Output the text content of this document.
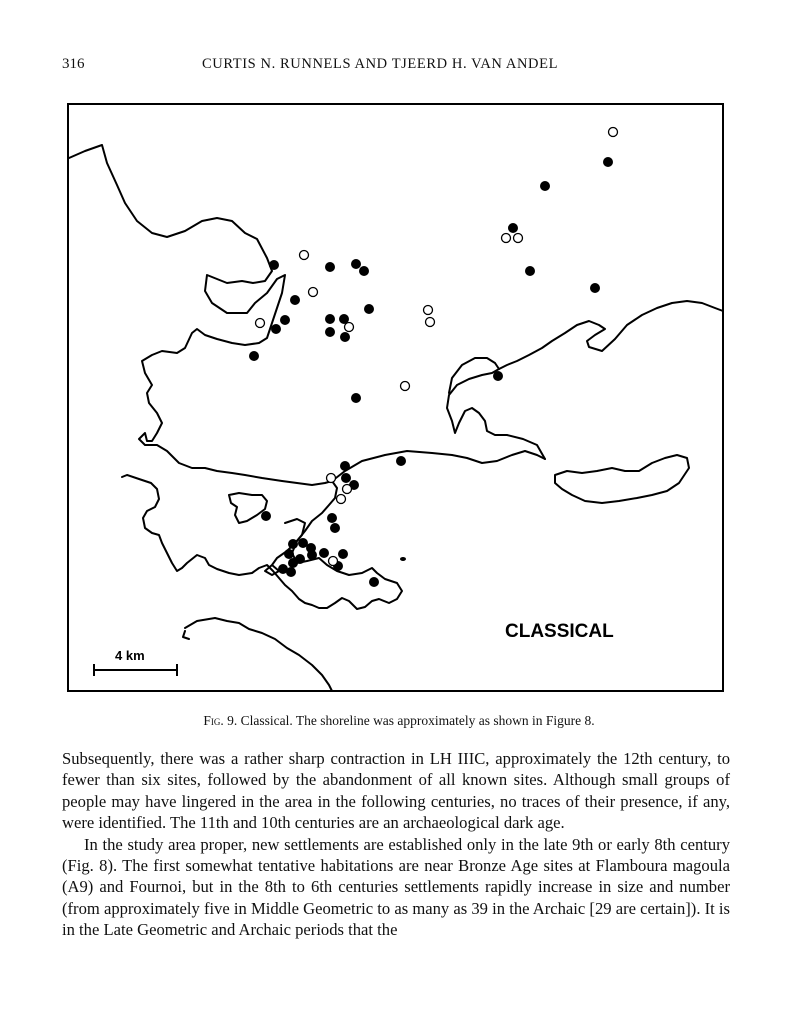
316	CURTIS N. RUNNELS AND TJEERD H. VAN ANDEL
CLASSICAL
4 km
Fig. 9. Classical. The shoreline was approximately as shown in Figure 8.

Subsequently, there was a rather sharp contraction in LH IIIC, approximately the 12th century, to fewer than six sites, followed by the abandonment of all known sites. Although small groups of people may have lingered in the area in the following centuries, no traces of their presence, if any, were identified. The 11th and 10th centuries are an archaeological dark age.

In the study area proper, new settlements are established only in the late 9th or early 8th century (Fig. 8). The first somewhat tentative habitations are near Bronze Age sites at Flamboura magoula (A9) and Fournoi, but in the 8th to 6th centuries settlements rapidly increase in size and number (from approximately five in Middle Geometric to as many as 39 in the Archaic [29 are certain]). It is in the Late Geometric and Archaic periods that the
